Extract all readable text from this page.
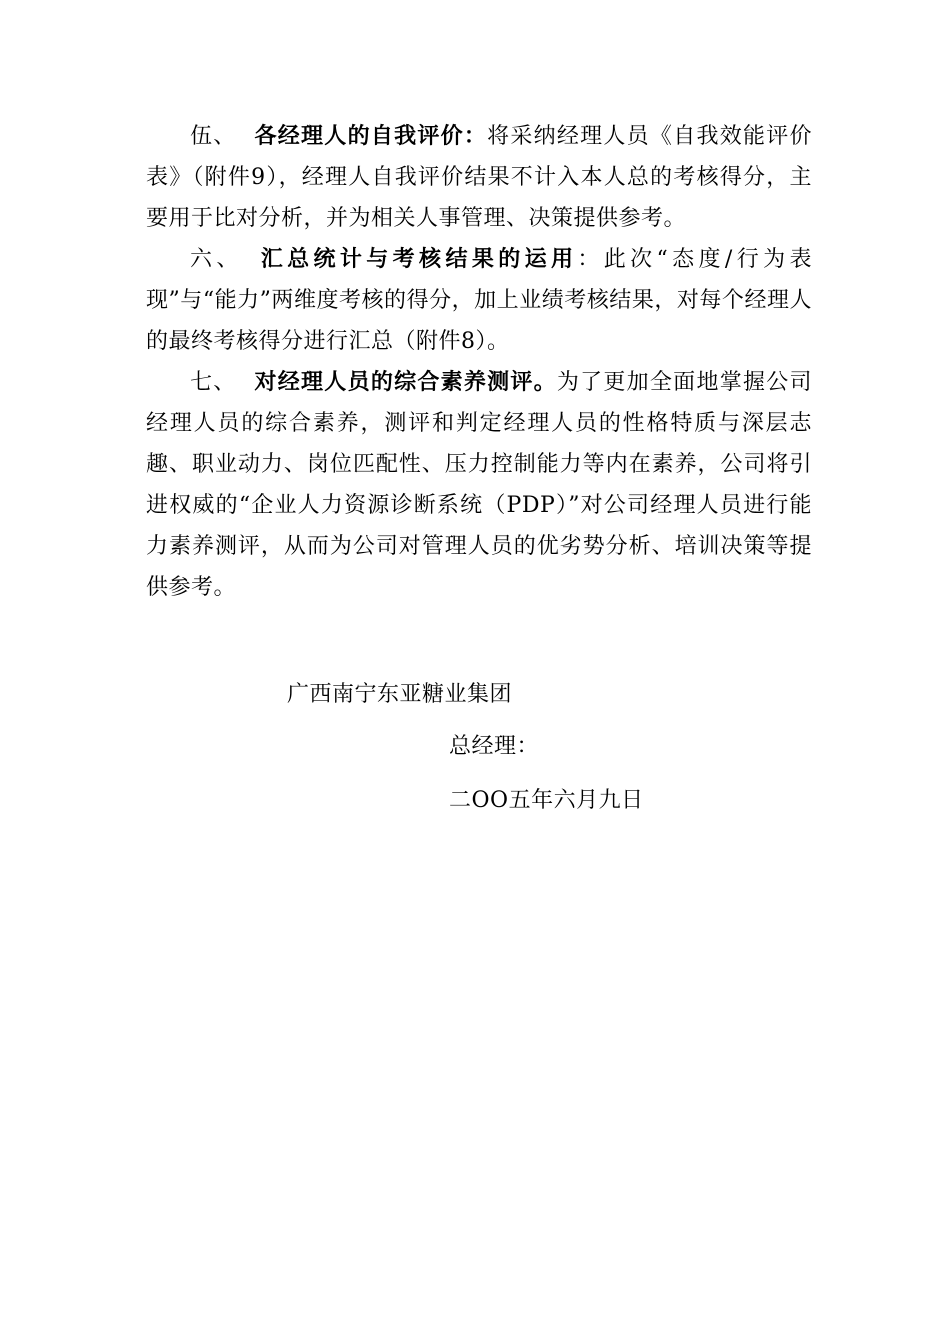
伍、 各经理人的自我评价：将采纳经理人员《自我效能评价表》（附件9），经理人自我评价结果不计入本人总的考核得分，主要用于比对分析，并为相关人事管理、决策提供参考。

六、 汇总统计与考核结果的运用：此次“态度/行为表现”与“能力”两维度考核的得分，加上业绩考核结果，对每个经理人的最终考核得分进行汇总（附件8）。

七、 对经理人员的综合素养测评。为了更加全面地掌握公司经理人员的综合素养，测评和判定经理人员的性格特质与深层志趣、职业动力、岗位匹配性、压力控制能力等内在素养，公司将引进权威的“企业人力资源诊断系统（PDP）”对公司经理人员进行能力素养测评，从而为公司对管理人员的优劣势分析、培训决策等提供参考。

广西南宁东亚糖业集团
总经理：
二OO五年六月九日
